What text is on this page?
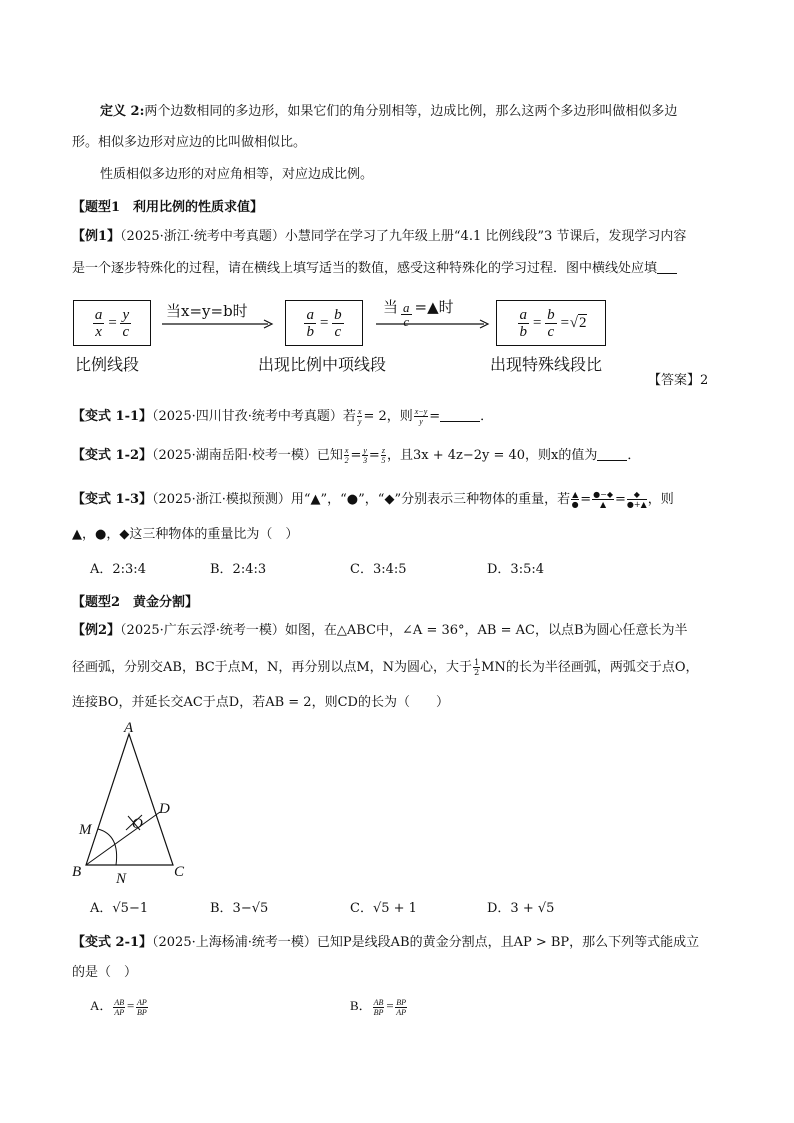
定义 2:两个边数相同的多边形，如果它们的角分别相等，边成比例，那么这两个多边形叫做相似多边
形。相似多边形对应边的比叫做相似比。
性质相似多边形的对应角相等，对应边成比例。
【题型1　利用比例的性质求值】
【例1】（2025·浙江·统考中考真题）小慧同学在学习了九年级上册“4.1 比例线段”3 节课后，发现学习内容
是一个逐步特殊化的过程，请在横线上填写适当的数值，感受这种特殊化的学习过程．图中横线处应填
a
x
= y
c
比例线段
当x=y=b时	a
b
= b
c
出现比例中项线段
当 $\frac{a}{c}$ =▲时	a
b
= b
c
=√ 2
出现特殊线段比
【答案】2
【变式 1-1】（2025·四川甘孜·统考中考真题）若 $\frac{x}{y} = 2$，则 $\frac{x-y}{y}$ =	．
【变式 1-2】（2025·湖南岳阳·校考一模）已知 $\frac{x}{2} = \frac{y}{3} = \frac{z}{5}$ ，且3x + 4z−2y = 40，则x的值为 ．
【变式 1-3】（2025·浙江·模拟预测）用“▲”，“●”，“◆”分别表示三种物体的重量，若 $\frac{▲}{●} = \frac{●-◆}{▲} = \frac{◆}{●+▲}$ ，则
▲，●，◆这三种物体的重量比为（　）
A．2:3:4	B．2:4:3	C．3:4:5	D．3:5:4
【题型2　黄金分割】
【例2】（2025·广东云浮·统考一模）如图，在△ABC中，∠A = 36°，AB = AC，以点B为圆心任意长为半
径画弧，分别交AB，BC于点M，N，再分别以点M，N为圆心，大于 $\frac{1}{2}$ MN的长为半径画弧，两弧交于点O，
连接BO，并延长交AC于点D，若AB = 2，则CD的长为（　　）
A
B	C
D
M
N
O
A．√5−1	B．3−√5	C．√5 + 1	D．3 + √5
【变式 2-1】（2025·上海杨浦·统考一模）已知P是线段AB的黄金分割点，且AP > BP，那么下列等式能成立
的是（　）
A． $\frac{AB}{AP} = \frac{AP}{BP}$	B． $\frac{AB}{BP} = \frac{BP}{AP}$
